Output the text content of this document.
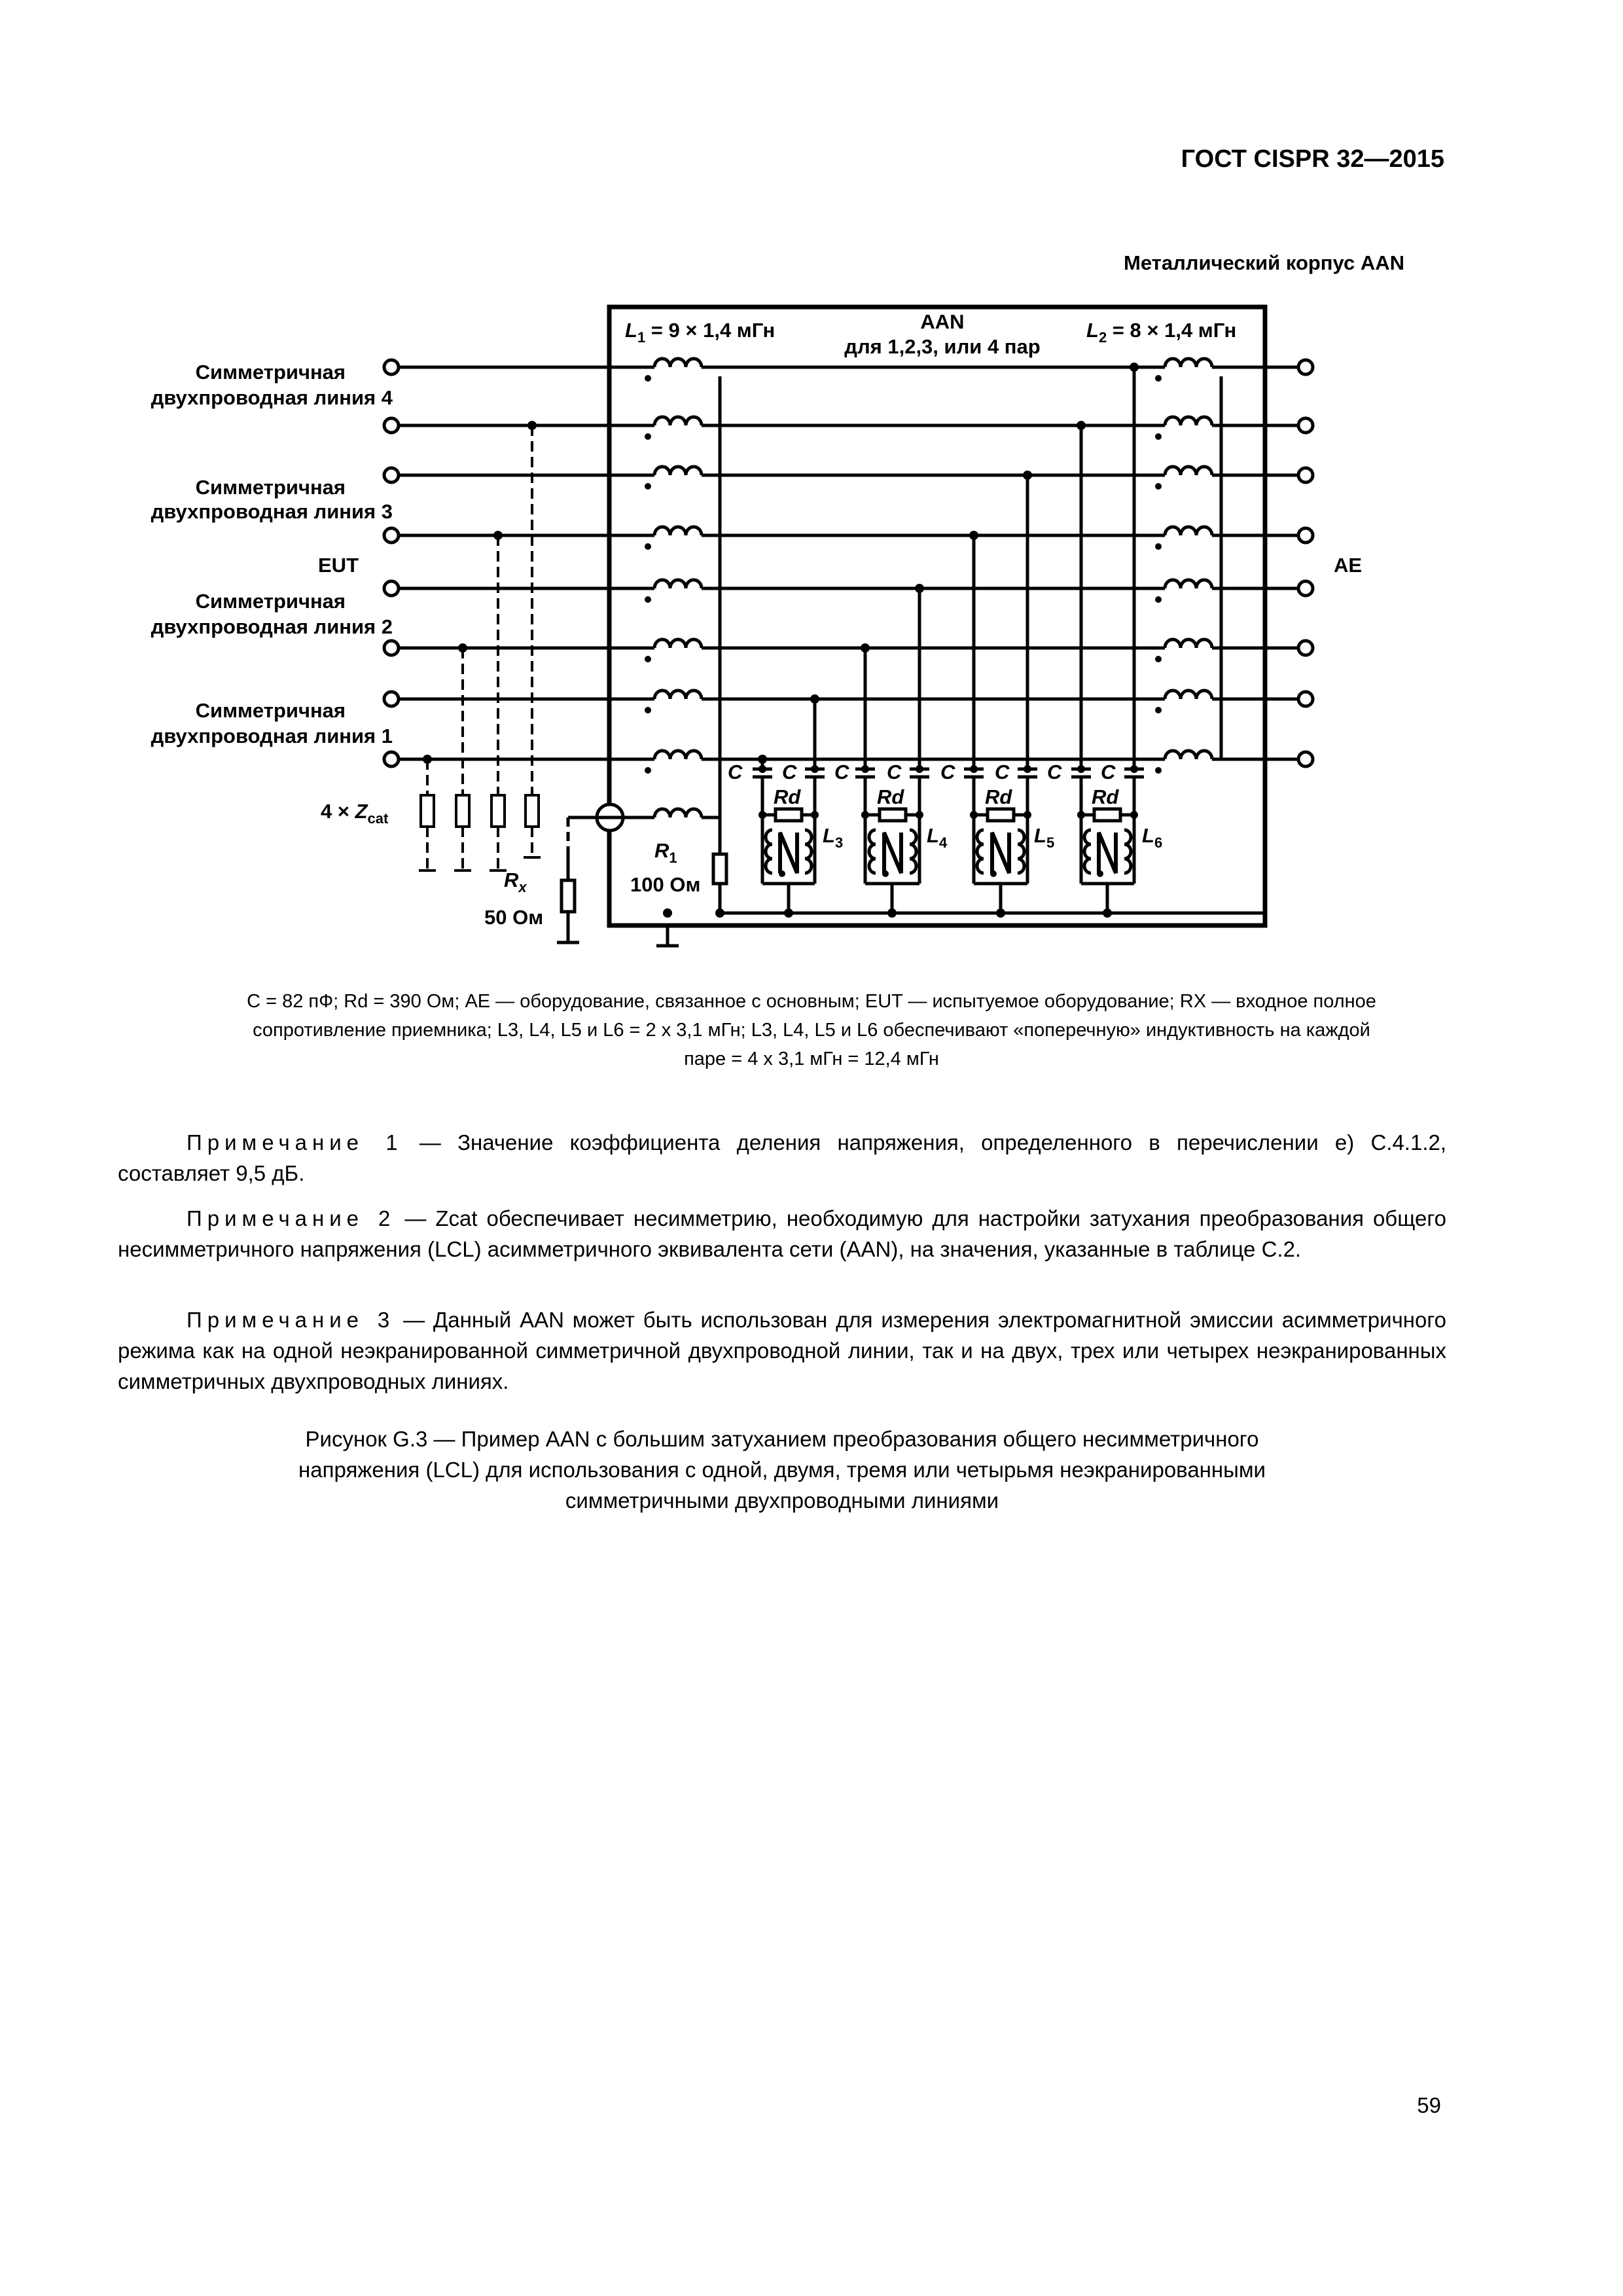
ГОСТ CISPR 32—2015
Металлический корпус AAN
$L_1 = 9 \times 1,4$ мГн	AAN
для 1,2,3, или 4 пар
$L_2 = 8 \times 1,4$ мГн
Симметричная
двухпроводная линия 4
Симметричная
двухпроводная линия 3
EUT
Симметричная
двухпроводная линия 2
Симметричная
двухпроводная линия 1
AE
$4 \times Z_{cat}$
$R_x$
50 Ом
$R_1$
100 Ом
C C C C C C C C
Rd	Rd	Rd	Rd
$L_3$	$L_4$	$L_5$	$L_6$
C = 82 пФ; Rd = 390 Ом; AE — оборудование, связанное с основным; EUT — испытуемое оборудование; RX — входное полное
сопротивление приемника; L3, L4, L5 и L6 = 2 х 3,1 мГн; L3, L4, L5 и L6 обеспечивают «поперечную» индуктивность на каждой
паре = 4 х 3,1 мГн = 12,4 мГн

Примечание 1 — Значение коэффициента деления напряжения, определенного в перечислении е) С.4.1.2, составляет 9,5 дБ.

Примечание 2 — Zcat обеспечивает несимметрию, необходимую для настройки затухания преобразования общего несимметричного напряжения (LCL) асимметричного эквивалента сети (AAN), на значения, указанные в таблице С.2.

Примечание 3 — Данный AAN может быть использован для измерения электромагнитной эмиссии асимметричного режима как на одной неэкранированной симметричной двухпроводной линии, так и на двух, трех или четырех неэкранированных симметричных двухпроводных линиях.

Рисунок G.3 — Пример AAN с большим затуханием преобразования общего несимметричного
напряжения (LCL) для использования с одной, двумя, тремя или четырьмя неэкранированными
симметричными двухпроводными линиями
59
